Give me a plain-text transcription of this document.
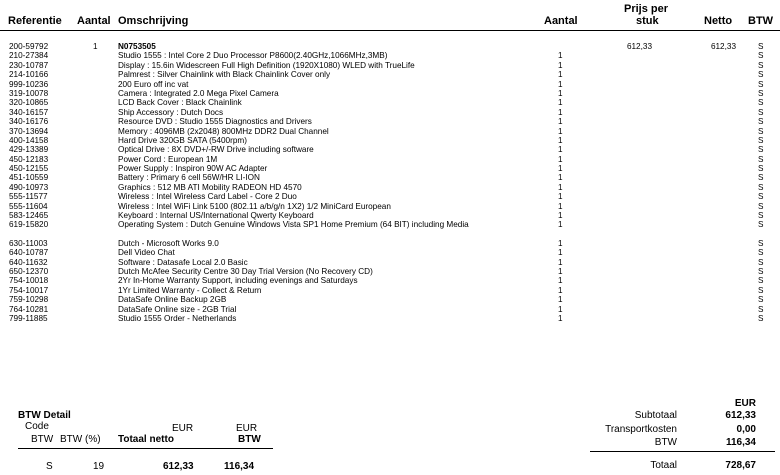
Referentie Aantal Omschrijving	Aantal
Prijs per
stuk	Netto BTW
200-59792	1 N0753505	612,33	612,33	S
210-27384	Studio 1555 : Intel Core 2 Duo Processor P8600(2.40GHz,1066MHz,3MB)	1	S
230-10787	Display : 15.6in Widescreen Full High Definition (1920X1080) WLED with TrueLife	1	S
214-10166	Palmrest : Silver Chainlink with Black Chainlink Cover only	1	S
999-10236	200 Euro off inc vat	1	S
319-10078	Camera : Integrated 2.0 Mega Pixel Camera	1	S
320-10865	LCD Back Cover : Black Chainlink	1	S
340-16157	Ship Accessory : Dutch Docs	1	S
340-16176	Resource DVD : Studio 1555 Diagnostics and Drivers	1	S
370-13694	Memory : 4096MB (2x2048) 800MHz DDR2 Dual Channel	1	S
400-14158	Hard Drive 320GB SATA (5400rpm)	1	S
429-13389	Optical Drive : 8X DVD+/-RW Drive including software	1	S
450-12183	Power Cord : European 1M	1	S
450-12155	Power Supply : Inspiron 90W AC Adapter	1	S
451-10559	Battery : Primary 6 cell 56W/HR LI-ION	1	S
490-10973	Graphics : 512 MB ATI Mobility RADEON HD 4570	1	S
555-11577	Wireless : Intel Wireless Card Label - Core 2 Duo	1	S
555-11604	Wireless : Intel WiFi Link 5100 (802.11 a/b/g/n 1X2) 1/2 MiniCard European	1	S
583-12465	Keyboard : Internal US/International Qwerty Keyboard	1	S
619-15820	Operating System : Dutch Genuine Windows Vista SP1 Home Premium (64 BIT) including Media	1	S
630-11003	Dutch - Microsoft Works 9.0	1	S
640-10787	Dell Video Chat	1	S
640-11632	Software : Datasafe Local 2.0 Basic	1	S
650-12370	Dutch McAfee Security Centre 30 Day Trial Version (No Recovery CD)	1	S
754-10018	2Yr In-Home Warranty Support, including evenings and Saturdays	1	S
754-10017	1Yr Limited Warranty - Collect & Return	1	S
759-10298	DataSafe Online Backup 2GB	1	S
764-10281	DataSafe Online size - 2GB Trial	1	S
799-11885	Studio 1555 Order - Netherlands	1	S
BTW Detail
Code	EUR	EUR
BTW BTW (%) Totaal netto	BTW
S	19	612,33	116,34
EUR
Subtotaal	612,33
Transportkosten	0,00
BTW	116,34
Totaal	728,67
